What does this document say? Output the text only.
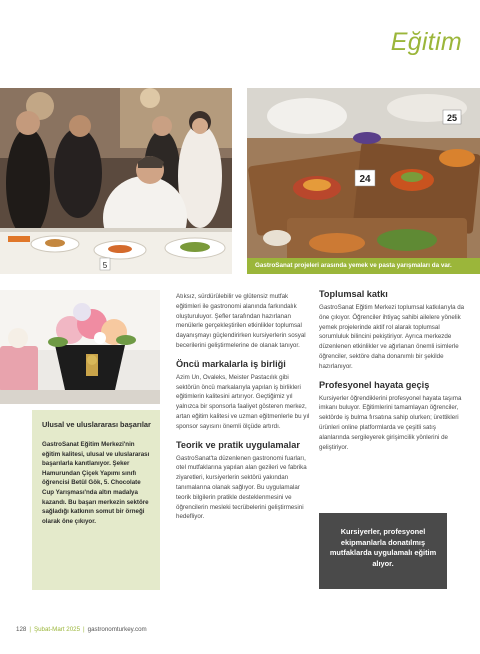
Eğitim
5
24
25
GastroSanat projeleri arasında yemek ve pasta yarışmaları da var.

Ulusal ve uluslararası başarılar

GastroSanat Eğitim Merkezi'nin eğitim kalitesi, ulusal ve uluslararası başarılarla kanıtlanıyor. Şeker Hamurundan Çiçek Yapımı sınıfı öğrencisi Betül Gök, 5. Chocolate Cup Yarışması'nda altın madalya kazandı. Bu başarı merkezin sektöre sağladığı katkının somut bir örneği olarak öne çıkıyor.

Atıksız, sürdürülebilir ve glütensiz mutfak eğitimleri ile gastronomi alanında farkındalık oluşturuluyor. Şefler tarafından hazırlanan menülerle gerçekleştirilen etkinlikler toplumsal dayanışmayı güçlendirirken kursiyerlerin sosyal becerilerini geliştirmelerine de olanak tanıyor.

Öncü markalarla iş birliği

Azim Un, Ovaleks, Meister Pastacılık gibi sektörün öncü markalarıyla yapılan iş birlikleri eğitimlerin kalitesini artırıyor. Geçtiğimiz yıl yalnızca bir sponsorla faaliyet gösteren merkez, artan eğitim kalitesi ve uzman eğitmenlerle bu yıl sponsor sayısını önemli ölçüde artırdı.

Teorik ve pratik uygulamalar

GastroSanat'ta düzenlenen gastronomi fuarları, otel mutfaklarına yapılan alan gezileri ve fabrika ziyaretleri, kursiyerlerin sektörü yakından tanımalarına olanak sağlıyor. Bu uygulamalar teorik bilgilerin pratikle desteklenmesini ve öğrencilerin mesleki tecrübelerini geliştirmesini hedefliyor.

Toplumsal katkı

GastroSanat Eğitim Merkezi toplumsal katkılarıyla da öne çıkıyor. Öğrenciler ihtiyaç sahibi ailelere yönelik yemek projelerinde aktif rol alarak toplumsal sorumluluk bilincini pekiştiriyor. Ayrıca merkezde düzenlenen etkinlikler ve ağırlanan önemli isimlerle öğrenciler, sektöre daha donanımlı bir şekilde hazırlanıyor.

Profesyonel hayata geçiş

Kursiyerler öğrendiklerini profesyonel hayata taşıma imkanı buluyor. Eğitimlerini tamamlayan öğrenciler, sektörde iş bulma fırsatına sahip olurken; ürettikleri ürünleri online platformlarda ve çeşitli satış alanlarında sergileyerek girişimcilik yönlerini de geliştiriyor.

Kursiyerler, profesyonel ekipmanlarla donatılmış mutfaklarda uygulamalı eğitim alıyor.
128 | Şubat-Mart 2025 | gastronomturkey.com
